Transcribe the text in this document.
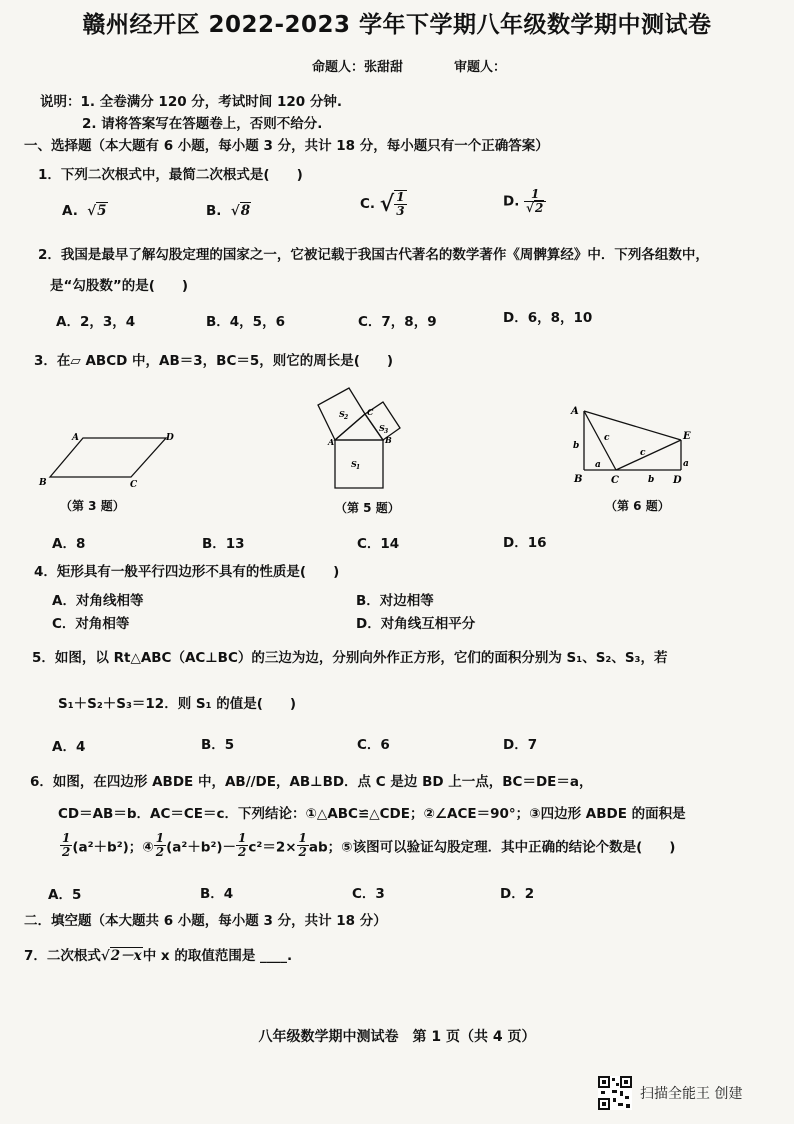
赣州经开区 2022-2023 学年下学期八年级数学期中测试卷
命题人：张甜甜	审题人：
说明：1. 全卷满分 120 分，考试时间 120 分钟.
2. 请将答案写在答题卷上，否则不给分.
一、选择题（本大题有 6 小题，每小题 3 分，共计 18 分，每小题只有一个正确答案）
1．下列二次根式中，最简二次根式是(　　)
A.  √5	B.  √8	C. √ $\frac{1}{3}$	D. $\frac{1}{√2}$
2．我国是最早了解勾股定理的国家之一，它被记载于我国古代著名的数学著作《周髀算经》中．下列各组数中，
是“勾股数”的是(　　)
A．2，3，4	B．4，5，6	C．7，8，9	D．6，8，10
3．在▱ ABCD 中，AB＝3，BC＝5，则它的周长是(　　)
A	D
B	C
（第 3 题）
S 2
S 3
S 1
A
C
B
（第 5 题）
A
E
B	C	D
b
c
c
a
b
a
（第 6 题）
A．8	B．13	C．14	D．16
4．矩形具有一般平行四边形不具有的性质是(　　)
A．对角线相等	B．对边相等
C．对角相等	D．对角线互相平分
5．如图，以 Rt△ABC（AC⊥BC）的三边为边，分别向外作正方形，它们的面积分别为 S₁、S₂、S₃，若
S₁＋S₂＋S₃＝12．则 S₁ 的值是(　　)
A．4	B．5	C．6	D．7
6．如图，在四边形 ABDE 中，AB//DE，AB⊥BD．点 C 是边 BD 上一点，BC＝DE＝a，
CD＝AB＝b．AC＝CE＝c．下列结论：①△ABC≌△CDE；②∠ACE＝90°；③四边形 ABDE 的面积是
$\frac{1}{2} (a^2+b^2)$；④ $\frac{1}{2} (a^2+b^2)- \frac{1}{2} c^2=2\times \frac{1}{2}$ ab；⑤该图可以验证勾股定理．其中正确的结论个数是(　　)
A．5	B．4	C．3	D．2
二．填空题（本大题共 6 小题，每小题 3 分，共计 18 分）
7．二次根式√2－x中 x 的取值范围是 ____.
八年级数学期中测试卷　第 1 页（共 4 页）
扫描全能王 创建
